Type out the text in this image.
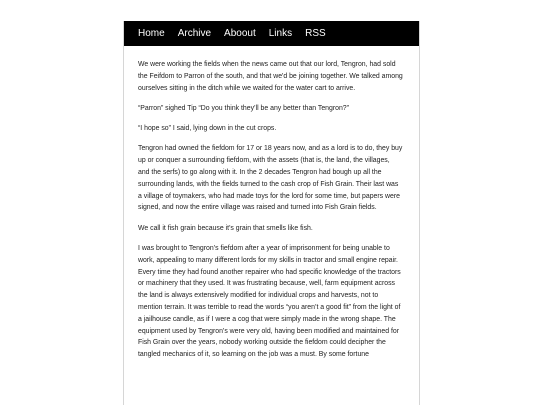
Home Archive Aboout Links RSS

We were working the fields when the news came out that our lord, Tengron, had sold the Feifdom to Parron of the south, and that we'd be joining together. We talked among ourselves sitting in the ditch while we waited for the water cart to arrive.

“Parron” sighed Tip “Do you think they’ll be any better than Tengron?”

“I hope so” I said, lying down in the cut crops.

Tengron had owned the fiefdom for 17 or 18 years now, and as a lord is to do, they buy up or conquer a surrounding fiefdom, with the assets (that is, the land, the villages, and the serfs) to go along with it. In the 2 decades Tengron had bough up all the surrounding lands, with the fields turned to the cash crop of Fish Grain. Their last was a village of toymakers, who had made toys for the lord for some time, but papers were signed, and now the entire village was raised and turned into Fish Grain fields.

We call it fish grain because it’s grain that smells like fish.

I was brought to Tengron’s fiefdom after a year of imprisonment for being unable to work, appealing to many different lords for my skills in tractor and small engine repair. Every time they had found another repairer who had specific knowledge of the tractors or machinery that they used. It was frustrating because, well, farm equipment across the land is always extensively modified for individual crops and harvests, not to mention terrain. It was terrible to read the words “you aren’t a good fit” from the light of a jailhouse candle, as if I were a cog that were simply made in the wrong shape. The equipment used by Tengron’s were very old, having been modified and maintained for Fish Grain over the years, nobody working outside the fiefdom could decipher the tangled mechanics of it, so learning on the job was a must. By some fortune
